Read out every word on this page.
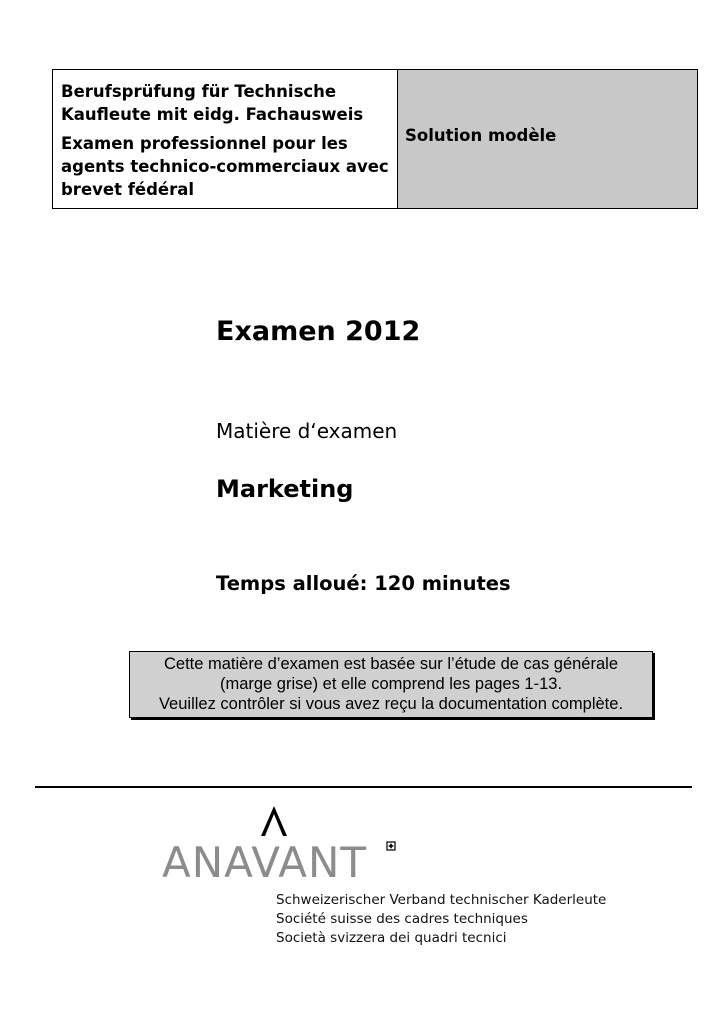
Berufsprüfung für Technische Kaufleute mit eidg. Fachausweis

Examen professionnel pour les agents technico-commerciaux avec brevet fédéral

Solution modèle
Examen 2012
Matière d‘examen
Marketing
Temps alloué: 120 minutes
Cette matière d’examen est basée sur l’étude de cas générale
(marge grise) et elle comprend les pages 1-13.
Veuillez contrôler si vous avez reçu la documentation complète.
ANAVANT
Schweizerischer Verband technischer Kaderleute
Société suisse des cadres techniques
Società svizzera dei quadri tecnici
